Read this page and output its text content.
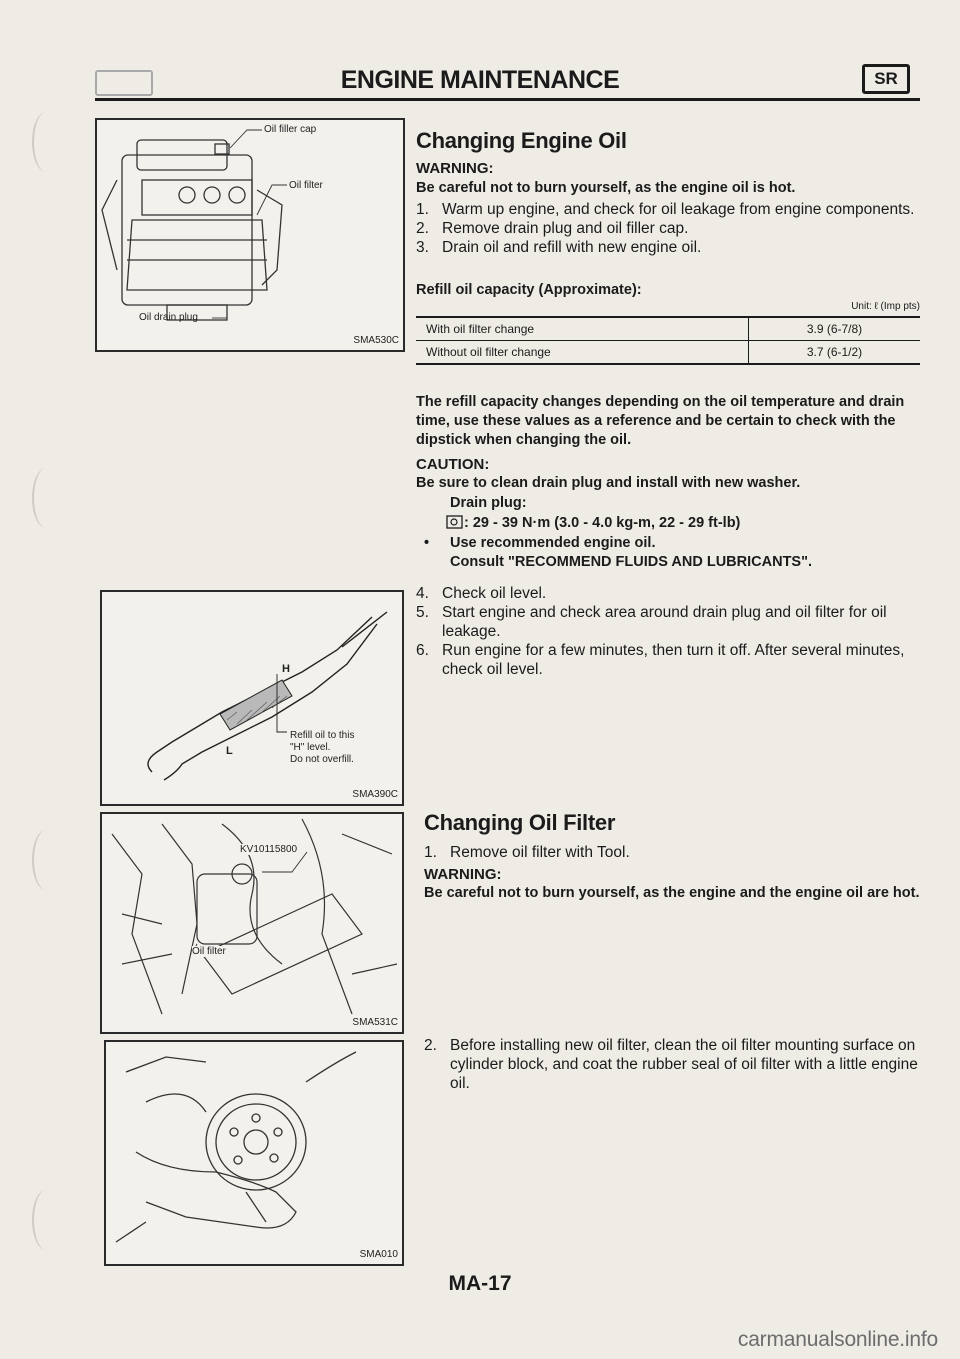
ENGINE MAINTENANCE	SR
Oil filler cap
Oil filter
Oil drain plug
SMA530C
Changing Engine Oil
WARNING:
Be careful not to burn yourself, as the engine oil is hot.
1. Warm up engine, and check for oil leakage from engine components.
2. Remove drain plug and oil filler cap.
3. Drain oil and refill with new engine oil.
Refill oil capacity (Approximate):
Unit: ℓ (Imp pts)
With oil filter change	3.9 (6-7/8)
Without oil filter change	3.7 (6-1/2)
The refill capacity changes depending on the oil temperature and drain time, use these values as a reference and be certain to check with the dipstick when changing the oil.
CAUTION:
Be sure to clean drain plug and install with new washer.
Drain plug:
: 29 - 39 N·m (3.0 - 4.0 kg-m, 22 - 29 ft-lb)
• Use recommended engine oil.
Consult "RECOMMEND FLUIDS AND LUBRICANTS".
4. Check oil level.
5. Start engine and check area around drain plug and oil filter for oil leakage.
6. Run engine for a few minutes, then turn it off. After several minutes, check oil level.
L
H
Refill oil to this
"H" level.
Do not overfill.
SMA390C
KV10115800
Oil filter
SMA531C
Changing Oil Filter
1. Remove oil filter with Tool.
WARNING:
Be careful not to burn yourself, as the engine and the engine oil are hot.
2. Before installing new oil filter, clean the oil filter mounting surface on cylinder block, and coat the rubber seal of oil filter with a little engine oil.
SMA010
MA-17
carmanualsonline.info
